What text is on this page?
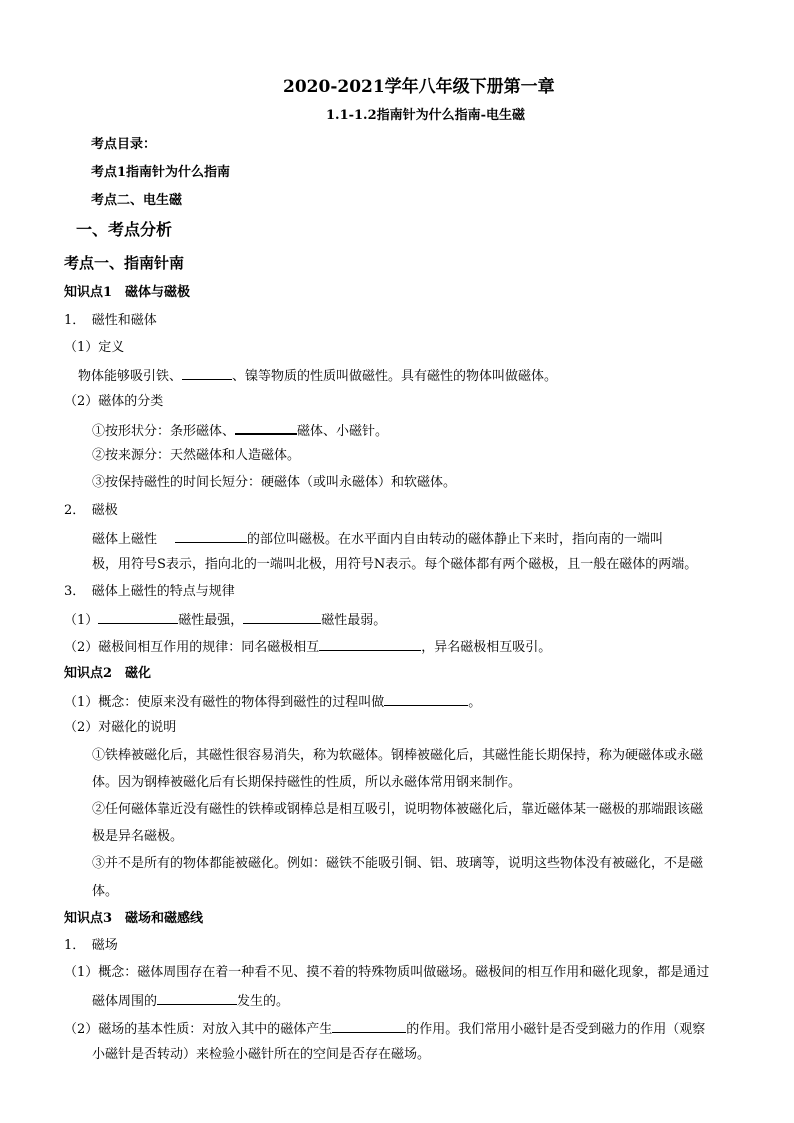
2020-2021学年八年级下册第一章
1.1-1.2指南针为什么指南-电生磁
考点目录：
考点1指南针为什么指南
考点二、电生磁
一、考点分析
考点一、指南针南
知识点1　磁体与磁极
1．　磁性和磁体
（1）定义
物体能够吸引铁、	、镍等物质的性质叫做磁性。具有磁性的物体叫做磁体。
（2）磁体的分类
①按形状分：条形磁体、	磁体、小磁针。
②按来源分：天然磁体和人造磁体。
③按保持磁性的时间长短分：硬磁体（或叫永磁体）和软磁体。
2．　磁极
磁体上磁性	的部位叫磁极。在水平面内自由转动的磁体静止下来时，指向南的一端叫
极，用符号S表示，指向北的一端叫北极，用符号N表示。每个磁体都有两个磁极，且一般在磁体的两端。
3．　磁体上磁性的特点与规律
（1）	磁性最强，	磁性最弱。
（2）磁极间相互作用的规律：同名磁极相互	，异名磁极相互吸引。
知识点2　磁化
（1）概念：使原来没有磁性的物体得到磁性的过程叫做	。
（2）对磁化的说明
①铁棒被磁化后，其磁性很容易消失，称为软磁体。钢棒被磁化后，其磁性能长期保持，称为硬磁体或永磁
体。因为钢棒被磁化后有长期保持磁性的性质，所以永磁体常用钢来制作。
②任何磁体靠近没有磁性的铁棒或钢棒总是相互吸引，说明物体被磁化后，靠近磁体某一磁极的那端跟该磁
极是异名磁极。
③并不是所有的物体都能被磁化。例如：磁铁不能吸引铜、铝、玻璃等，说明这些物体没有被磁化，不是磁
体。
知识点3　磁场和磁感线
1．　磁场
（1）概念：磁体周围存在着一种看不见、摸不着的特殊物质叫做磁场。磁极间的相互作用和磁化现象，都是通过
磁体周围的	发生的。
（2）磁场的基本性质：对放入其中的磁体产生	的作用。我们常用小磁针是否受到磁力的作用（观察
小磁针是否转动）来检验小磁针所在的空间是否存在磁场。
